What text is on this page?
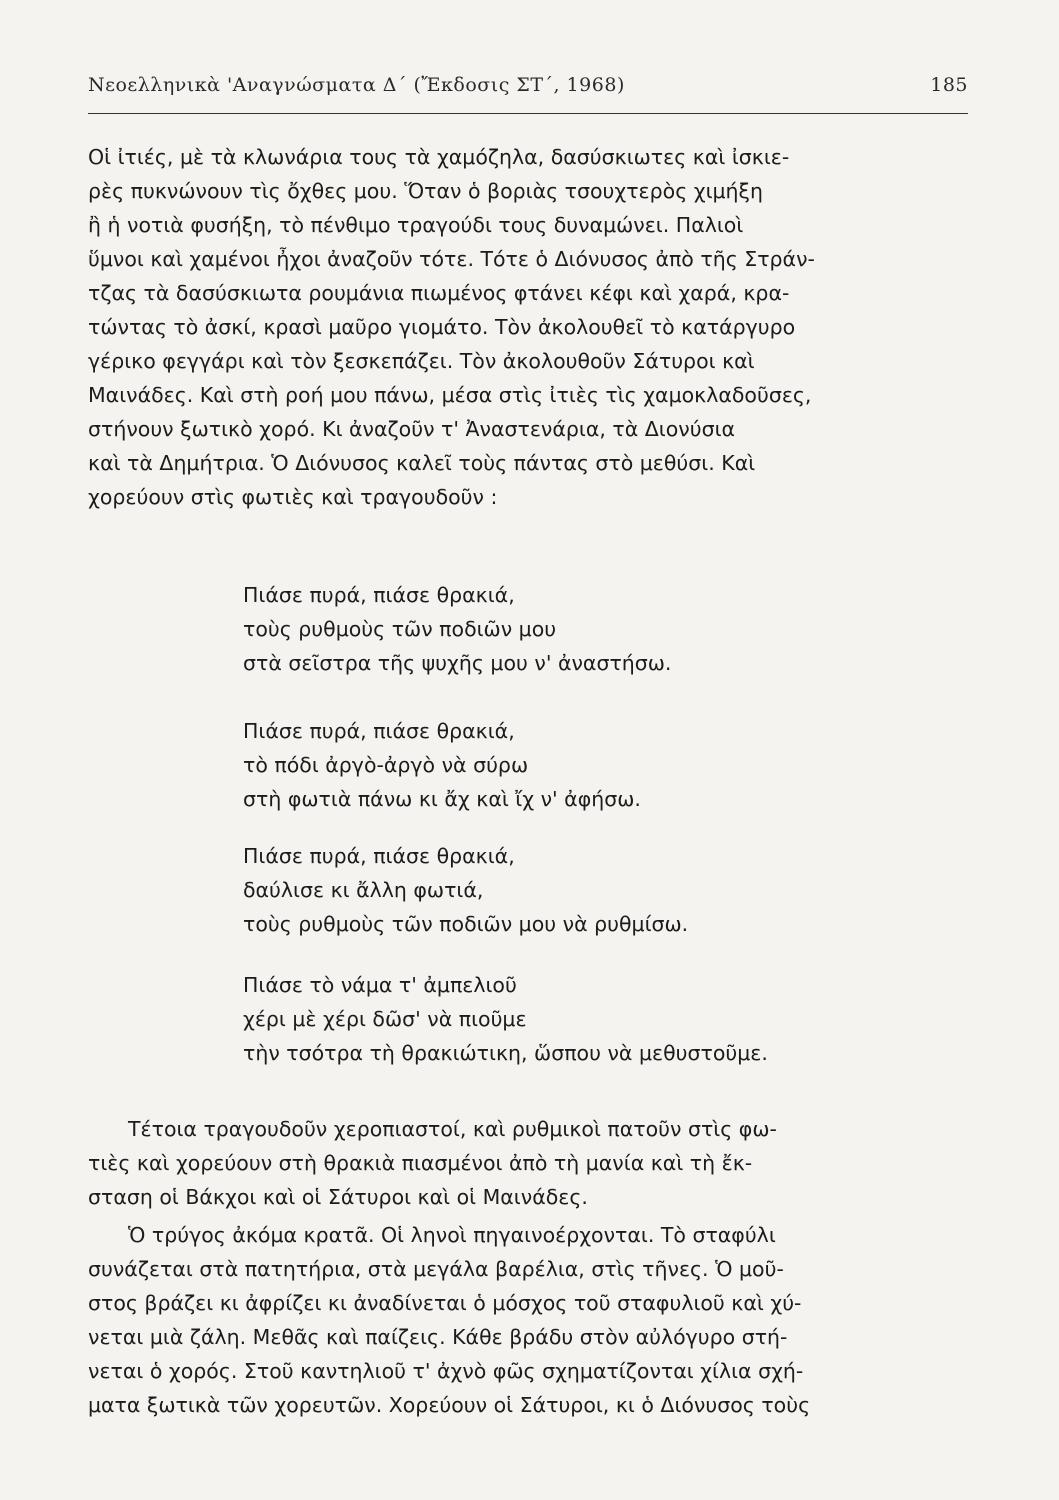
Νεοελληνικὰ 'Αναγνώσματα Δ΄ (Ἔκδοσις ΣΤ΄, 1968)	185

Οἱ ἰτιές, μὲ τὰ κλωνάρια τους τὰ χαμόζηλα, δασύσκιωτες καὶ ἰσκιε-
ρὲς πυκνώνουν τὶς ὄχθες μου. Ὅταν ὁ βοριὰς τσουχτερὸς χιμήξη
ἢ ἡ νοτιὰ φυσήξη, τὸ πένθιμο τραγούδι τους δυναμώνει. Παλιοὶ
ὕμνοι καὶ χαμένοι ἦχοι ἀναζοῦν τότε. Τότε ὁ Διόνυσος ἀπὸ τῆς Στράν-
τζας τὰ δασύσκιωτα ρουμάνια πιωμένος φτάνει κέφι καὶ χαρά, κρα-
τώντας τὸ ἀσκί, κρασὶ μαῦρο γιομάτο. Τὸν ἀκολουθεῖ τὸ κατάργυρο
γέρικο φεγγάρι καὶ τὸν ξεσκεπάζει. Τὸν ἀκολουθοῦν Σάτυροι καὶ
Μαινάδες. Καὶ στὴ ροή μου πάνω, μέσα στὶς ἰτιὲς τὶς χαμοκλαδοῦσες,
στήνουν ξωτικὸ χορό. Κι ἀναζοῦν τ' Ἀναστενάρια, τὰ Διονύσια
καὶ τὰ Δημήτρια. Ὁ Διόνυσος καλεῖ τοὺς πάντας στὸ μεθύσι. Καὶ
χορεύουν στὶς φωτιὲς καὶ τραγουδοῦν :

Πιάσε πυρά, πιάσε θρακιά,
τοὺς ρυθμοὺς τῶν ποδιῶν μου
στὰ σεῖστρα τῆς ψυχῆς μου ν' ἀναστήσω.
Πιάσε πυρά, πιάσε θρακιά,
τὸ πόδι ἀργὸ-ἀργὸ νὰ σύρω
στὴ φωτιὰ πάνω κι ἄχ καὶ ἴχ ν' ἀφήσω.
Πιάσε πυρά, πιάσε θρακιά,
δαύλισε κι ἄλλη φωτιά,
τοὺς ρυθμοὺς τῶν ποδιῶν μου νὰ ρυθμίσω.
Πιάσε τὸ νάμα τ' ἀμπελιοῦ
χέρι μὲ χέρι δῶσ' νὰ πιοῦμε
τὴν τσότρα τὴ θρακιώτικη, ὥσπου νὰ μεθυστοῦμε.

Τέτοια τραγουδοῦν χεροπιαστοί, καὶ ρυθμικοὶ πατοῦν στὶς φω-
τιὲς καὶ χορεύουν στὴ θρακιὰ πιασμένοι ἀπὸ τὴ μανία καὶ τὴ ἔκ-
σταση οἱ Βάκχοι καὶ οἱ Σάτυροι καὶ οἱ Μαινάδες.

Ὁ τρύγος ἀκόμα κρατᾶ. Οἱ ληνοὶ πηγαινοέρχονται. Τὸ σταφύλι
συνάζεται στὰ πατητήρια, στὰ μεγάλα βαρέλια, στὶς τῆνες. Ὁ μοῦ-
στος βράζει κι ἀφρίζει κι ἀναδίνεται ὁ μόσχος τοῦ σταφυλιοῦ καὶ χύ-
νεται μιὰ ζάλη. Μεθᾶς καὶ παίζεις. Κάθε βράδυ στὸν αὐλόγυρο στή-
νεται ὁ χορός. Στοῦ καντηλιοῦ τ' ἀχνὸ φῶς σχηματίζονται χίλια σχή-
ματα ξωτικὰ τῶν χορευτῶν. Χορεύουν οἱ Σάτυροι, κι ὁ Διόνυσος τοὺς
